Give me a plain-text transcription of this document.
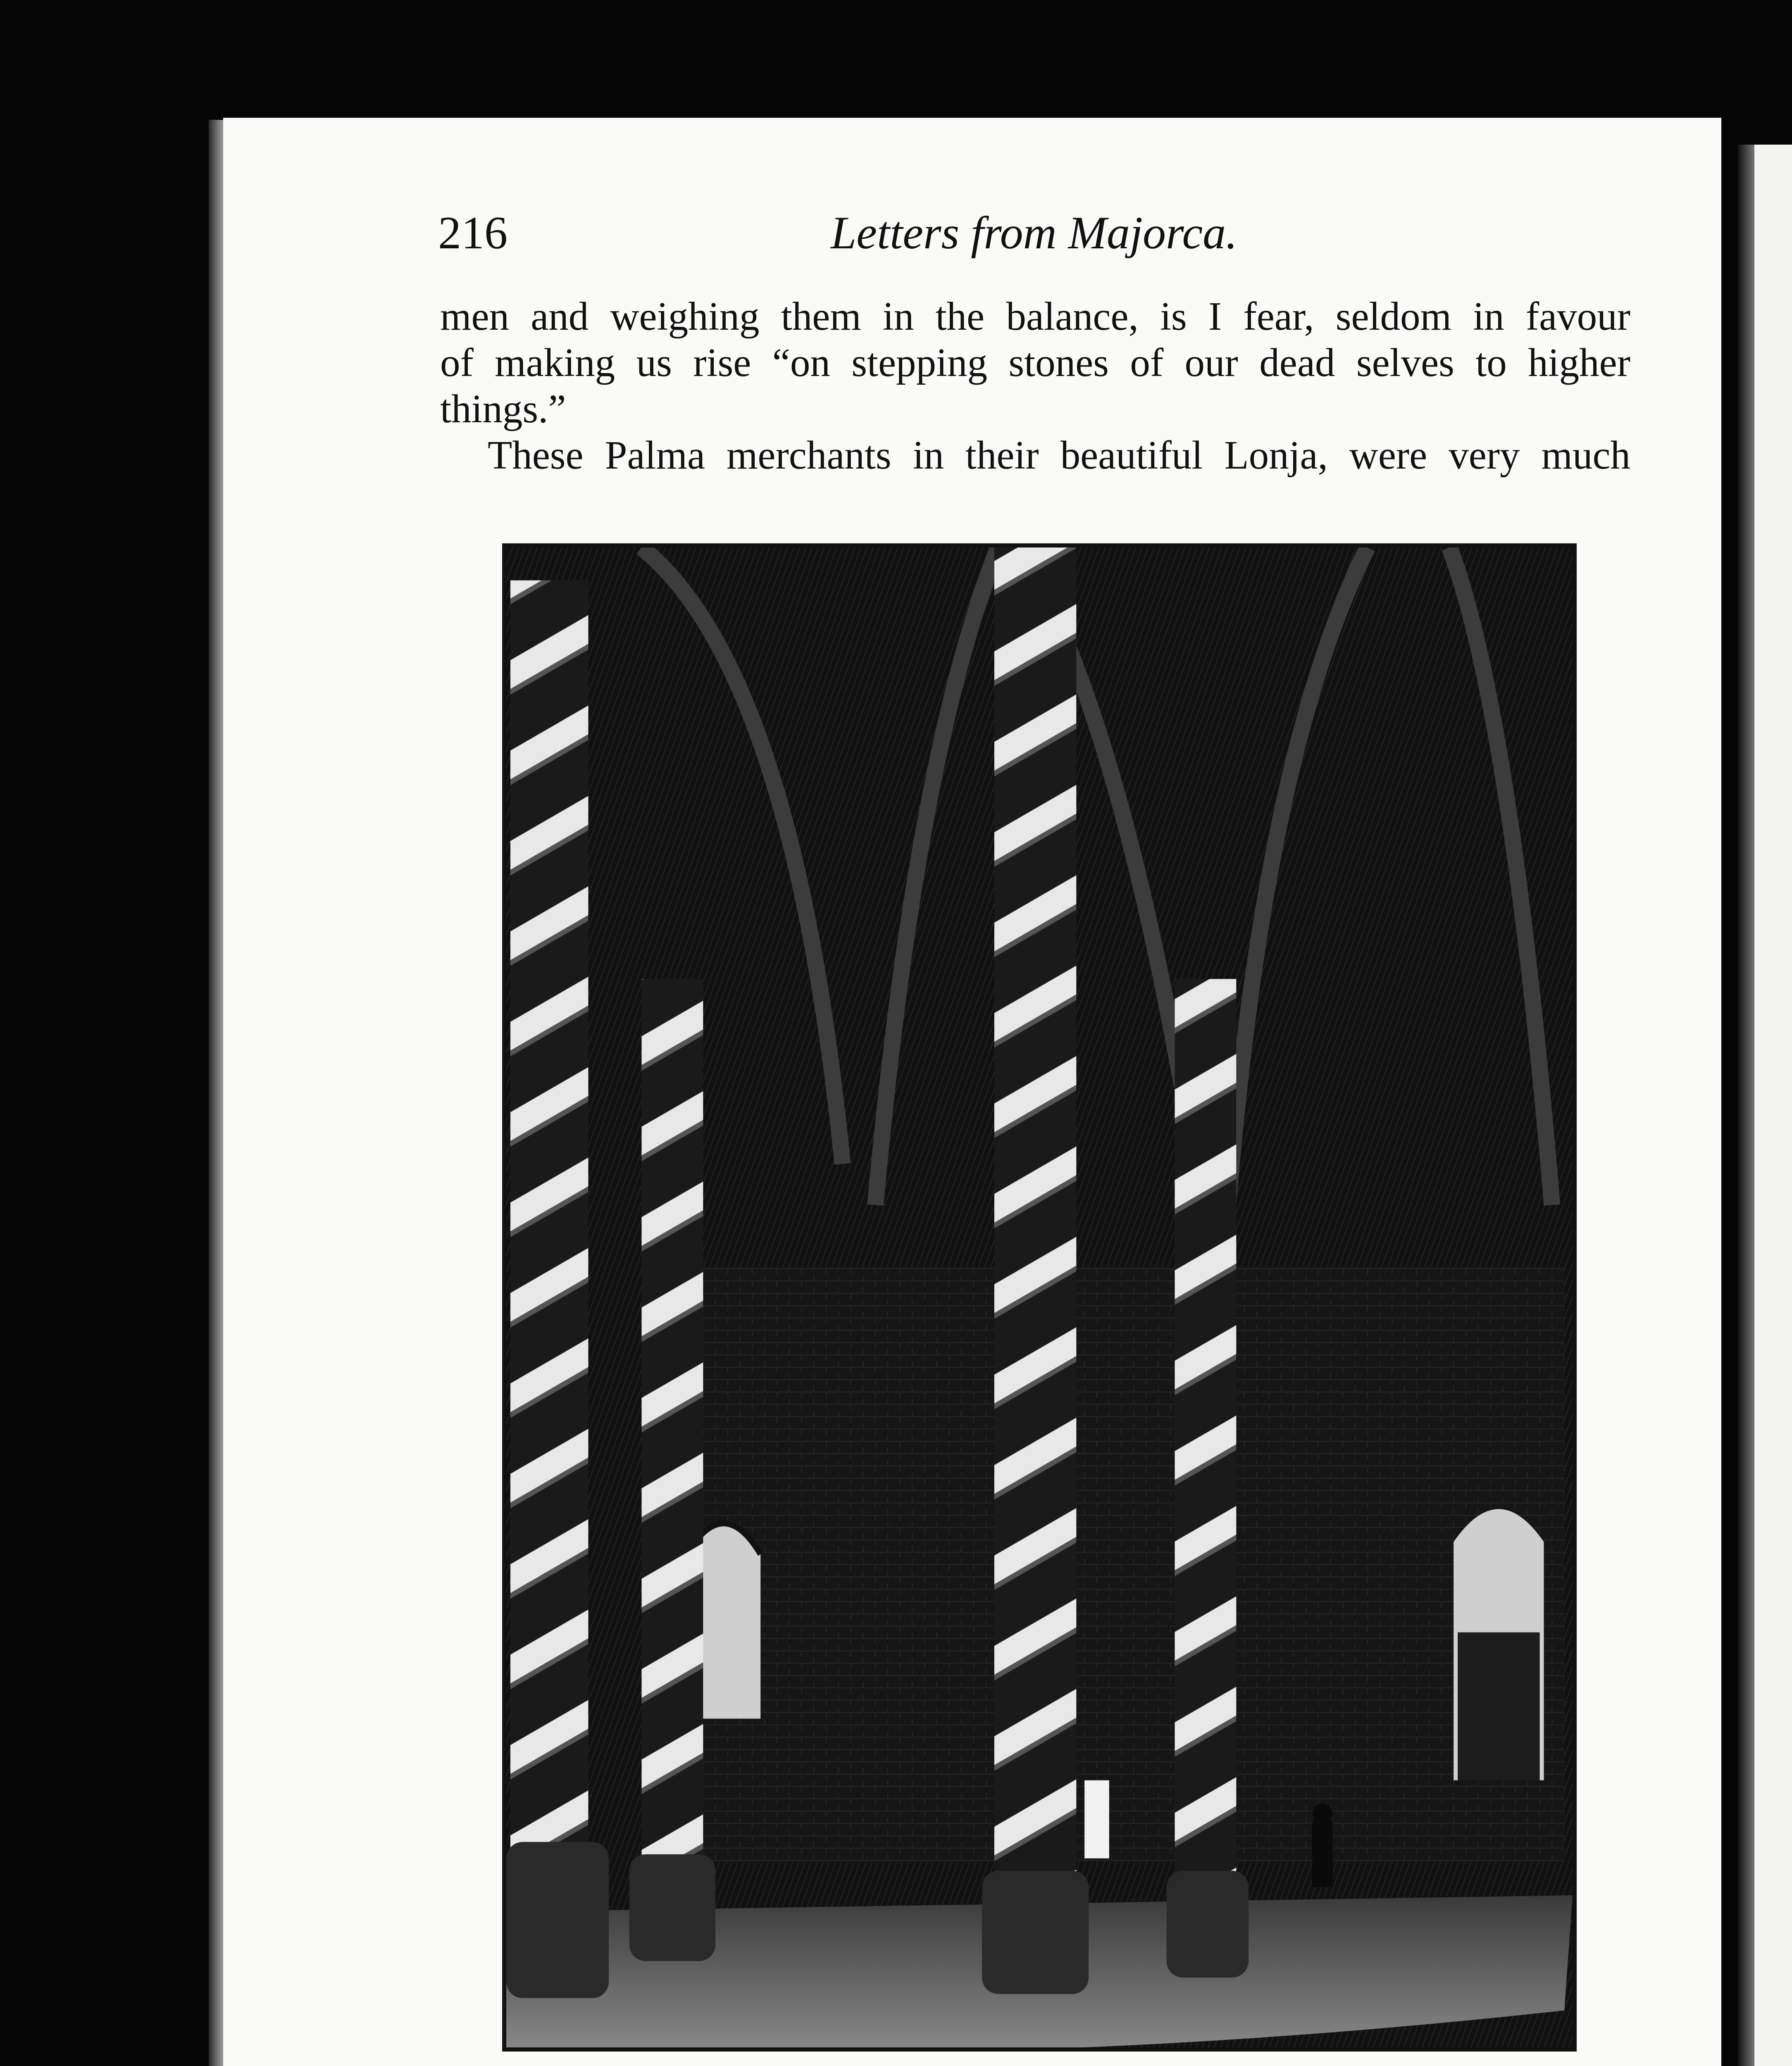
216	Letters from Majorca.
men and weighing them in the balance, is I fear, seldom in favour
of making us rise “on stepping stones of our dead selves to higher
things.”
These Palma merchants in their beautiful Lonja, were very much
